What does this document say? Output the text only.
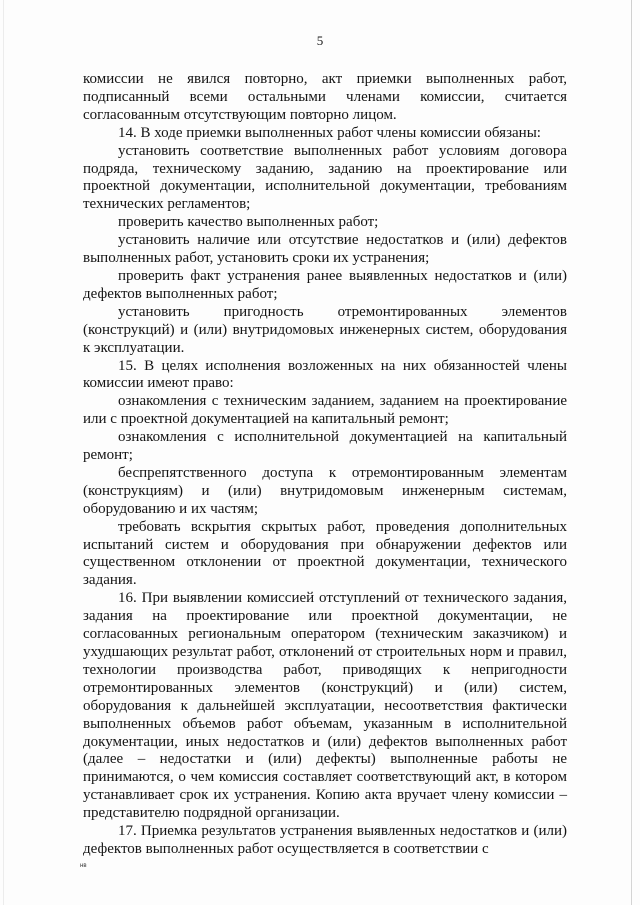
5

комиссии не явился повторно, акт приемки выполненных работ, подписанный всеми остальными членами комиссии, считается согласованным отсутствующим повторно лицом.

14. В ходе приемки выполненных работ члены комиссии обязаны:

установить соответствие выполненных работ условиям договора подряда, техническому заданию, заданию на проектирование или проектной документации, исполнительной документации, требованиям технических регламентов;

проверить качество выполненных работ;

установить наличие или отсутствие недостатков и (или) дефектов выполненных работ, установить сроки их устранения;

проверить факт устранения ранее выявленных недостатков и (или) дефектов выполненных работ;

установить пригодность отремонтированных элементов (конструкций) и (или) внутридомовых инженерных систем, оборудования к эксплуатации.

15. В целях исполнения возложенных на них обязанностей члены комиссии имеют право:

ознакомления с техническим заданием, заданием на проектирование или с проектной документацией на капитальный ремонт;

ознакомления с исполнительной документацией на капитальный ремонт;

беспрепятственного доступа к отремонтированным элементам (конструкциям) и (или) внутридомовым инженерным системам, оборудованию и их частям;

требовать вскрытия скрытых работ, проведения дополнительных испытаний систем и оборудования при обнаружении дефектов или существенном отклонении от проектной документации, технического задания.

16. При выявлении комиссией отступлений от технического задания, задания на проектирование или проектной документации, не согласованных региональным оператором (техническим заказчиком) и ухудшающих результат работ, отклонений от строительных норм и правил, технологии производства работ, приводящих к непригодности отремонтированных элементов (конструкций) и (или) систем, оборудования к дальнейшей эксплуатации, несоответствия фактически выполненных объемов работ объемам, указанным в исполнительной документации, иных недостатков и (или) дефектов выполненных работ (далее – недостатки и (или) дефекты) выполненные работы не принимаются, о чем комиссия составляет соответствующий акт, в котором устанавливает срок их устранения. Копию акта вручает члену комиссии – представителю подрядной организации.

17. Приемка результатов устранения выявленных недостатков и (или) дефектов выполненных работ осуществляется в соответствии с

нв
